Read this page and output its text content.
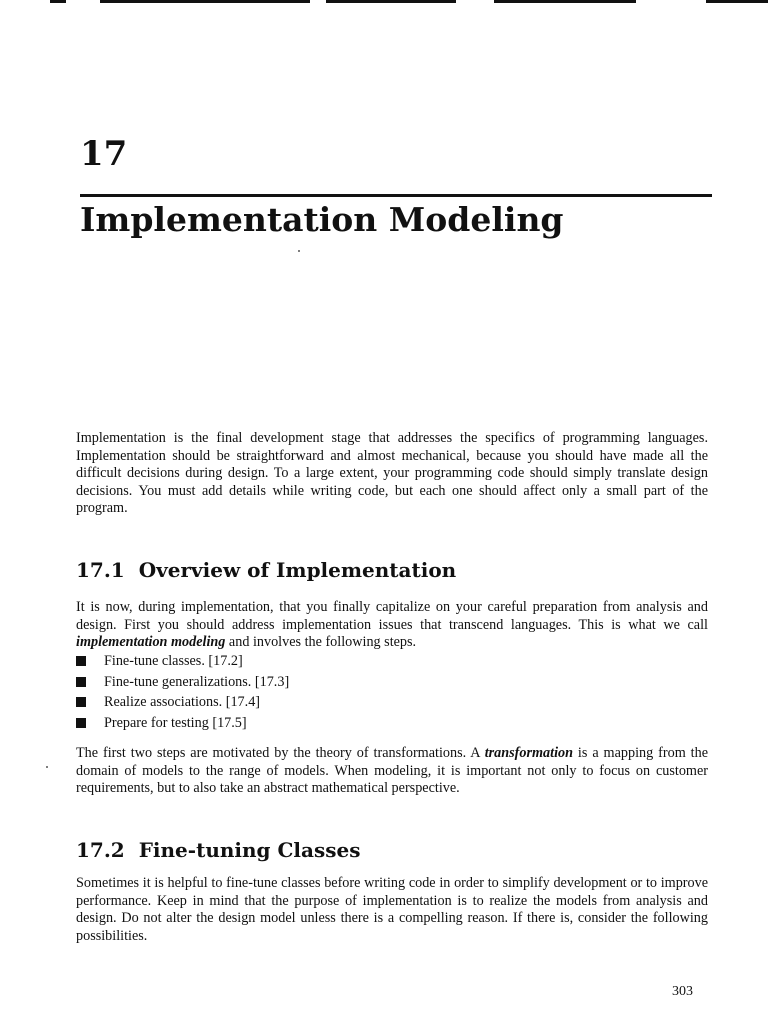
17
Implementation Modeling

Implementation is the final development stage that addresses the specifics of programming languages. Implementation should be straightforward and almost mechanical, because you should have made all the difficult decisions during design. To a large extent, your programming code should simply translate design decisions. You must add details while writing code, but each one should affect only a small part of the program.

17.1 Overview of Implementation

It is now, during implementation, that you finally capitalize on your careful preparation from analysis and design. First you should address implementation issues that transcend languages. This is what we call implementation modeling and involves the following steps.

Fine-tune classes. [17.2]
Fine-tune generalizations. [17.3]
Realize associations. [17.4]
Prepare for testing [17.5]

The first two steps are motivated by the theory of transformations. A transformation is a mapping from the domain of models to the range of models. When modeling, it is important not only to focus on customer requirements, but to also take an abstract mathematical perspective.

17.2 Fine-tuning Classes

Sometimes it is helpful to fine-tune classes before writing code in order to simplify development or to improve performance. Keep in mind that the purpose of implementation is to realize the models from analysis and design. Do not alter the design model unless there is a compelling reason. If there is, consider the following possibilities.

303
